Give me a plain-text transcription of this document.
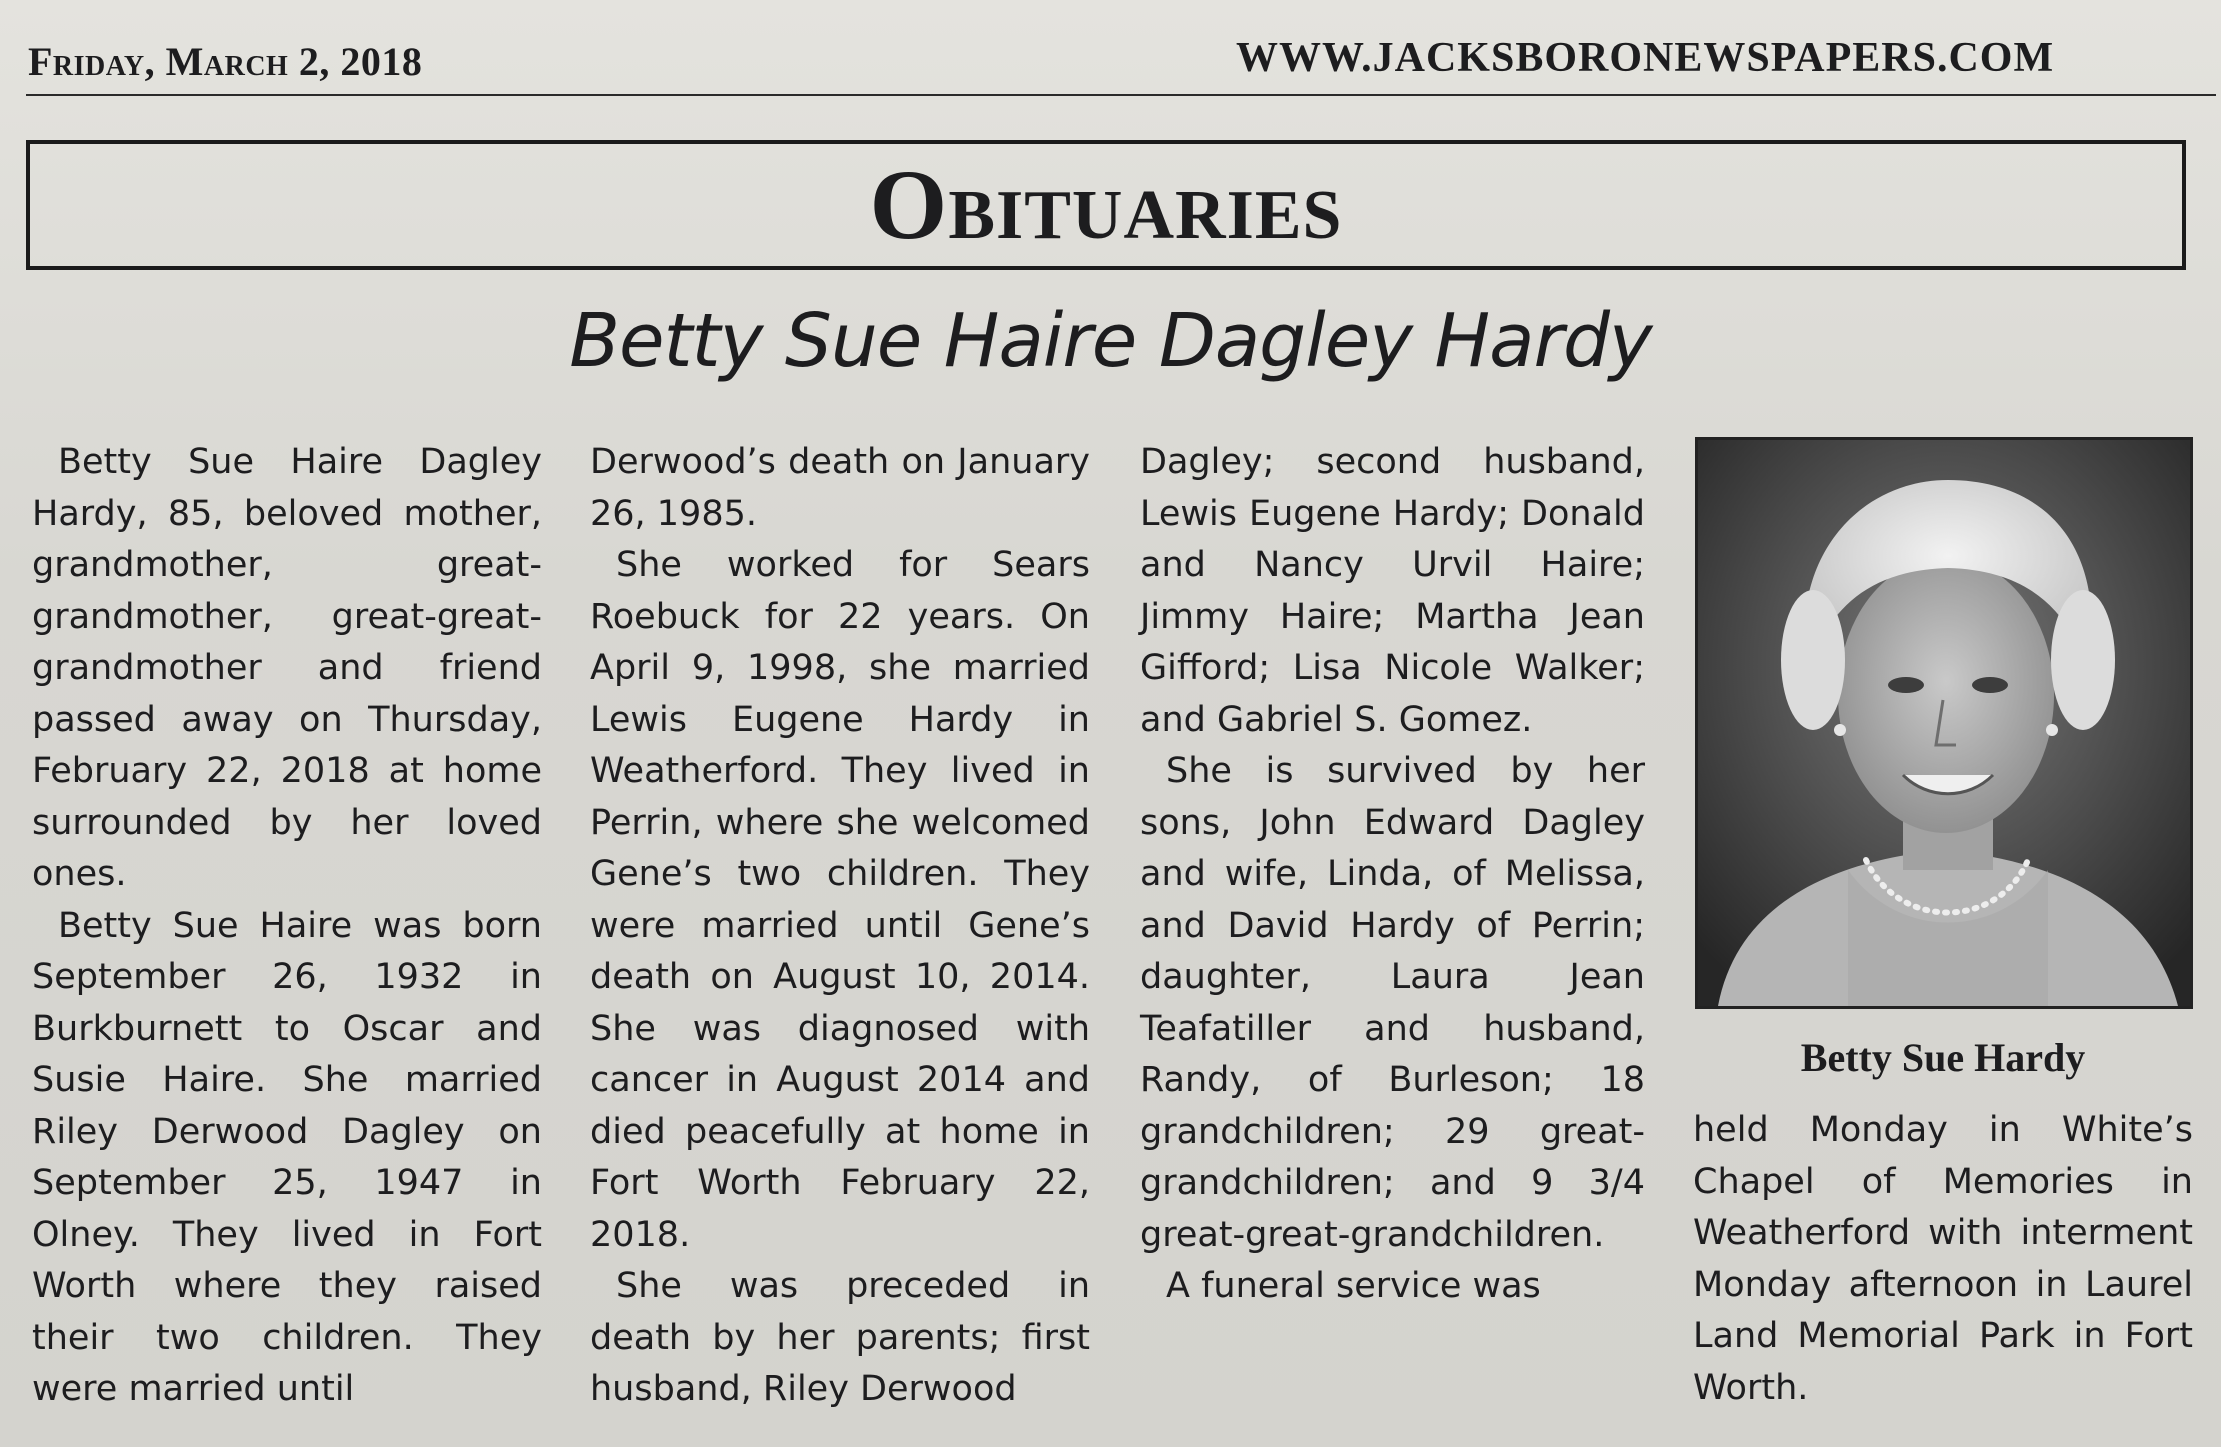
Friday, March 2, 2018	WWW.JACKSBORONEWSPAPERS.COM
Obituaries
Betty Sue Haire Dagley Hardy

Betty Sue Haire Dagley Hardy, 85, beloved mother, grandmother, great-grandmother, great-great-grandmother and friend passed away on Thursday, February 22, 2018 at home surrounded by her loved ones.

Betty Sue Haire was born September 26, 1932 in Burkburnett to Oscar and Susie Haire. She married Riley Derwood Dagley on September 25, 1947 in Olney. They lived in Fort Worth where they raised their two children. They were married until

Derwood’s death on January 26, 1985.

She worked for Sears Roebuck for 22 years. On April 9, 1998, she married Lewis Eugene Hardy in Weatherford. They lived in Perrin, where she welcomed Gene’s two children. They were married until Gene’s death on August 10, 2014. She was diagnosed with cancer in August 2014 and died peacefully at home in Fort Worth February 22, 2018.

She was preceded in death by her parents; first husband, Riley Derwood

Dagley; second husband, Lewis Eugene Hardy; Donald and Nancy Urvil Haire; Jimmy Haire; Martha Jean Gifford; Lisa Nicole Walker; and Gabriel S. Gomez.

She is survived by her sons, John Edward Dagley and wife, Linda, of Melissa, and David Hardy of Perrin; daughter, Laura Jean Teafatiller and husband, Randy, of Burleson; 18 grandchildren; 29 great-grandchildren; and 9 3/4 great-great-grandchildren.

A funeral service was

Betty Sue Hardy

held Monday in White’s Chapel of Memories in Weatherford with interment Monday afternoon in Laurel Land Memorial Park in Fort Worth.
